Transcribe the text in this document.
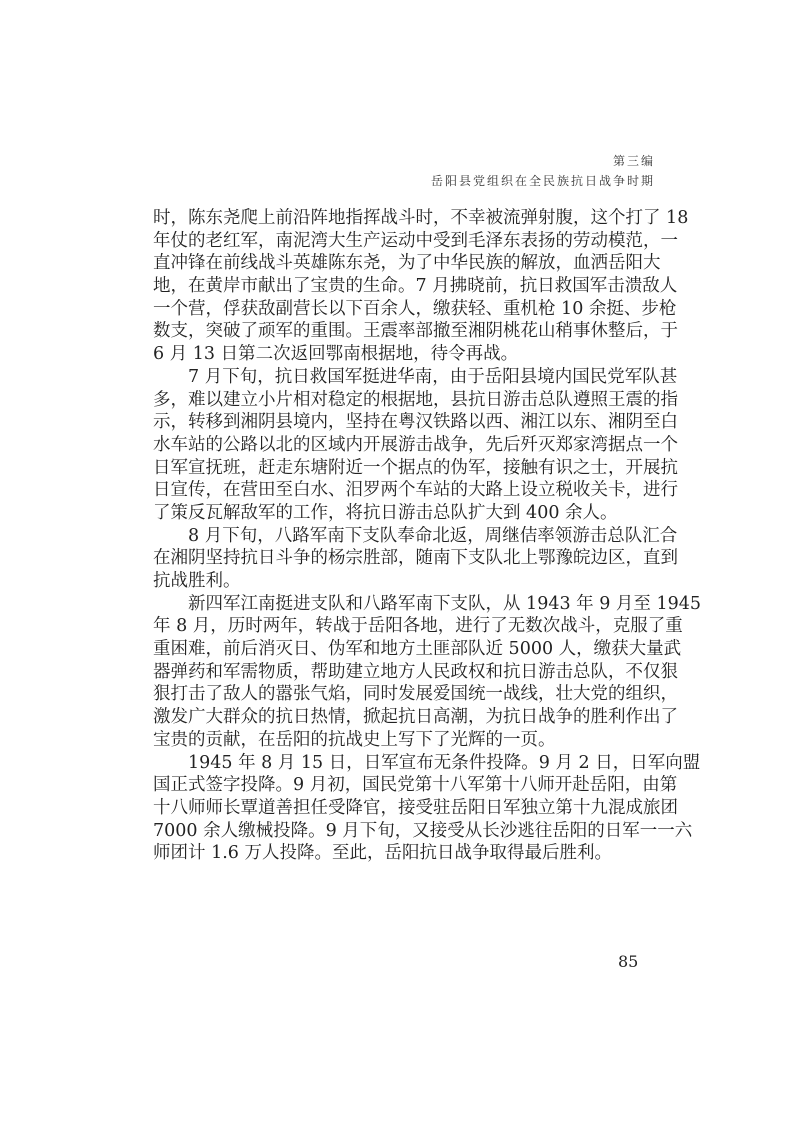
第三编
岳阳县党组织在全民族抗日战争时期
时，陈东尧爬上前沿阵地指挥战斗时，不幸被流弹射腹，这个打了 18
年仗的老红军，南泥湾大生产运动中受到毛泽东表扬的劳动模范，一
直冲锋在前线战斗英雄陈东尧，为了中华民族的解放，血洒岳阳大
地，在黄岸市献出了宝贵的生命。7 月拂晓前，抗日救国军击溃敌人
一个营，俘获敌副营长以下百余人，缴获轻、重机枪 10 余挺、步枪
数支，突破了顽军的重围。王震率部撤至湘阴桃花山稍事休整后，于
6 月 13 日第二次返回鄂南根据地，待令再战。
7 月下旬，抗日救国军挺进华南，由于岳阳县境内国民党军队甚
多，难以建立小片相对稳定的根据地，县抗日游击总队遵照王震的指
示，转移到湘阴县境内，坚持在粤汉铁路以西、湘江以东、湘阴至白
水车站的公路以北的区域内开展游击战争，先后歼灭郑家湾据点一个
日军宣抚班，赶走东塘附近一个据点的伪军，接触有识之士，开展抗
日宣传，在营田至白水、汨罗两个车站的大路上设立税收关卡，进行
了策反瓦解敌军的工作，将抗日游击总队扩大到 400 余人。
8 月下旬，八路军南下支队奉命北返，周继佶率领游击总队汇合
在湘阴坚持抗日斗争的杨宗胜部，随南下支队北上鄂豫皖边区，直到
抗战胜利。
新四军江南挺进支队和八路军南下支队，从 1943 年 9 月至 1945
年 8 月，历时两年，转战于岳阳各地，进行了无数次战斗，克服了重
重困难，前后消灭日、伪军和地方土匪部队近 5000 人，缴获大量武
器弹药和军需物质，帮助建立地方人民政权和抗日游击总队，不仅狠
狠打击了敌人的嚣张气焰，同时发展爱国统一战线，壮大党的组织，
激发广大群众的抗日热情，掀起抗日高潮，为抗日战争的胜利作出了
宝贵的贡献，在岳阳的抗战史上写下了光辉的一页。
1945 年 8 月 15 日，日军宣布无条件投降。9 月 2 日，日军向盟
国正式签字投降。9 月初，国民党第十八军第十八师开赴岳阳，由第
十八师师长覃道善担任受降官，接受驻岳阳日军独立第十九混成旅团
7000 余人缴械投降。9 月下旬，又接受从长沙逃往岳阳的日军一一六
师团计 1.6 万人投降。至此，岳阳抗日战争取得最后胜利。
85
